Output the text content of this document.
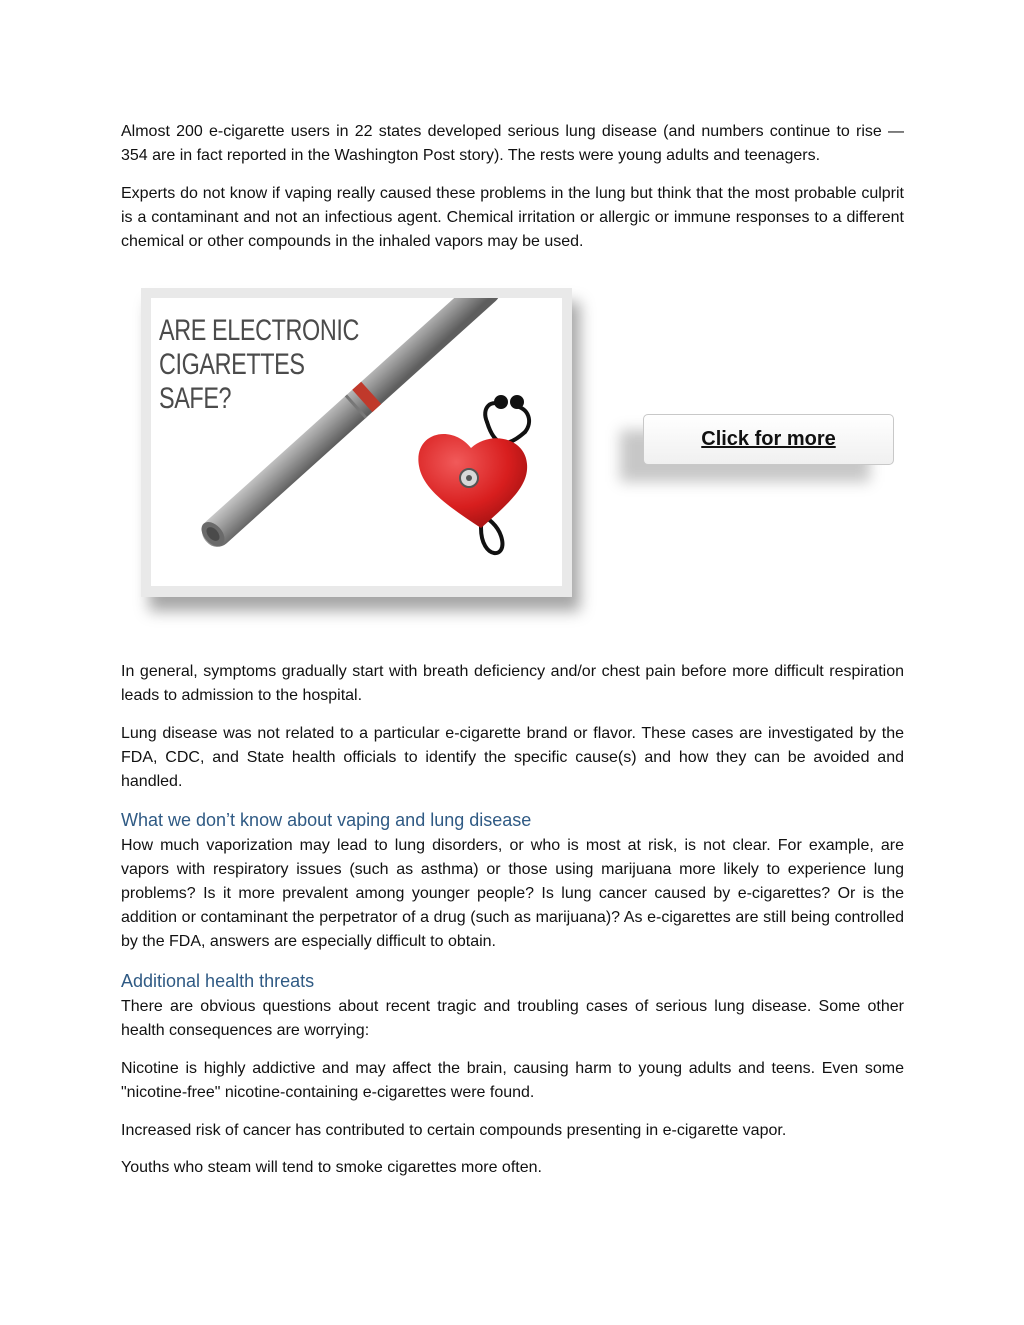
Almost 200 e-cigarette users in 22 states developed serious lung disease (and numbers continue to rise — 354 are in fact reported in the Washington Post story). The rests were young adults and teenagers.

Experts do not know if vaping really caused these problems in the lung but think that the most probable culprit is a contaminant and not an infectious agent. Chemical irritation or allergic or immune responses to a different chemical or other compounds in the inhaled vapors may be used.

ARE ELECTRONIC
CIGARETTES SAFE?
Click for more

In general, symptoms gradually start with breath deficiency and/or chest pain before more difficult respiration leads to admission to the hospital.

Lung disease was not related to a particular e-cigarette brand or flavor. These cases are investigated by the FDA, CDC, and State health officials to identify the specific cause(s) and how they can be avoided and handled.

What we don’t know about vaping and lung disease

How much vaporization may lead to lung disorders, or who is most at risk, is not clear. For example, are vapors with respiratory issues (such as asthma) or those using marijuana more likely to experience lung problems? Is it more prevalent among younger people? Is lung cancer caused by e-cigarettes? Or is the addition or contaminant the perpetrator of a drug (such as marijuana)? As e-cigarettes are still being controlled by the FDA, answers are especially difficult to obtain.

Additional health threats

There are obvious questions about recent tragic and troubling cases of serious lung disease. Some other health consequences are worrying:

Nicotine is highly addictive and may affect the brain, causing harm to young adults and teens. Even some "nicotine-free" nicotine-containing e-cigarettes were found.

Increased risk of cancer has contributed to certain compounds presenting in e-cigarette vapor.

Youths who steam will tend to smoke cigarettes more often.
